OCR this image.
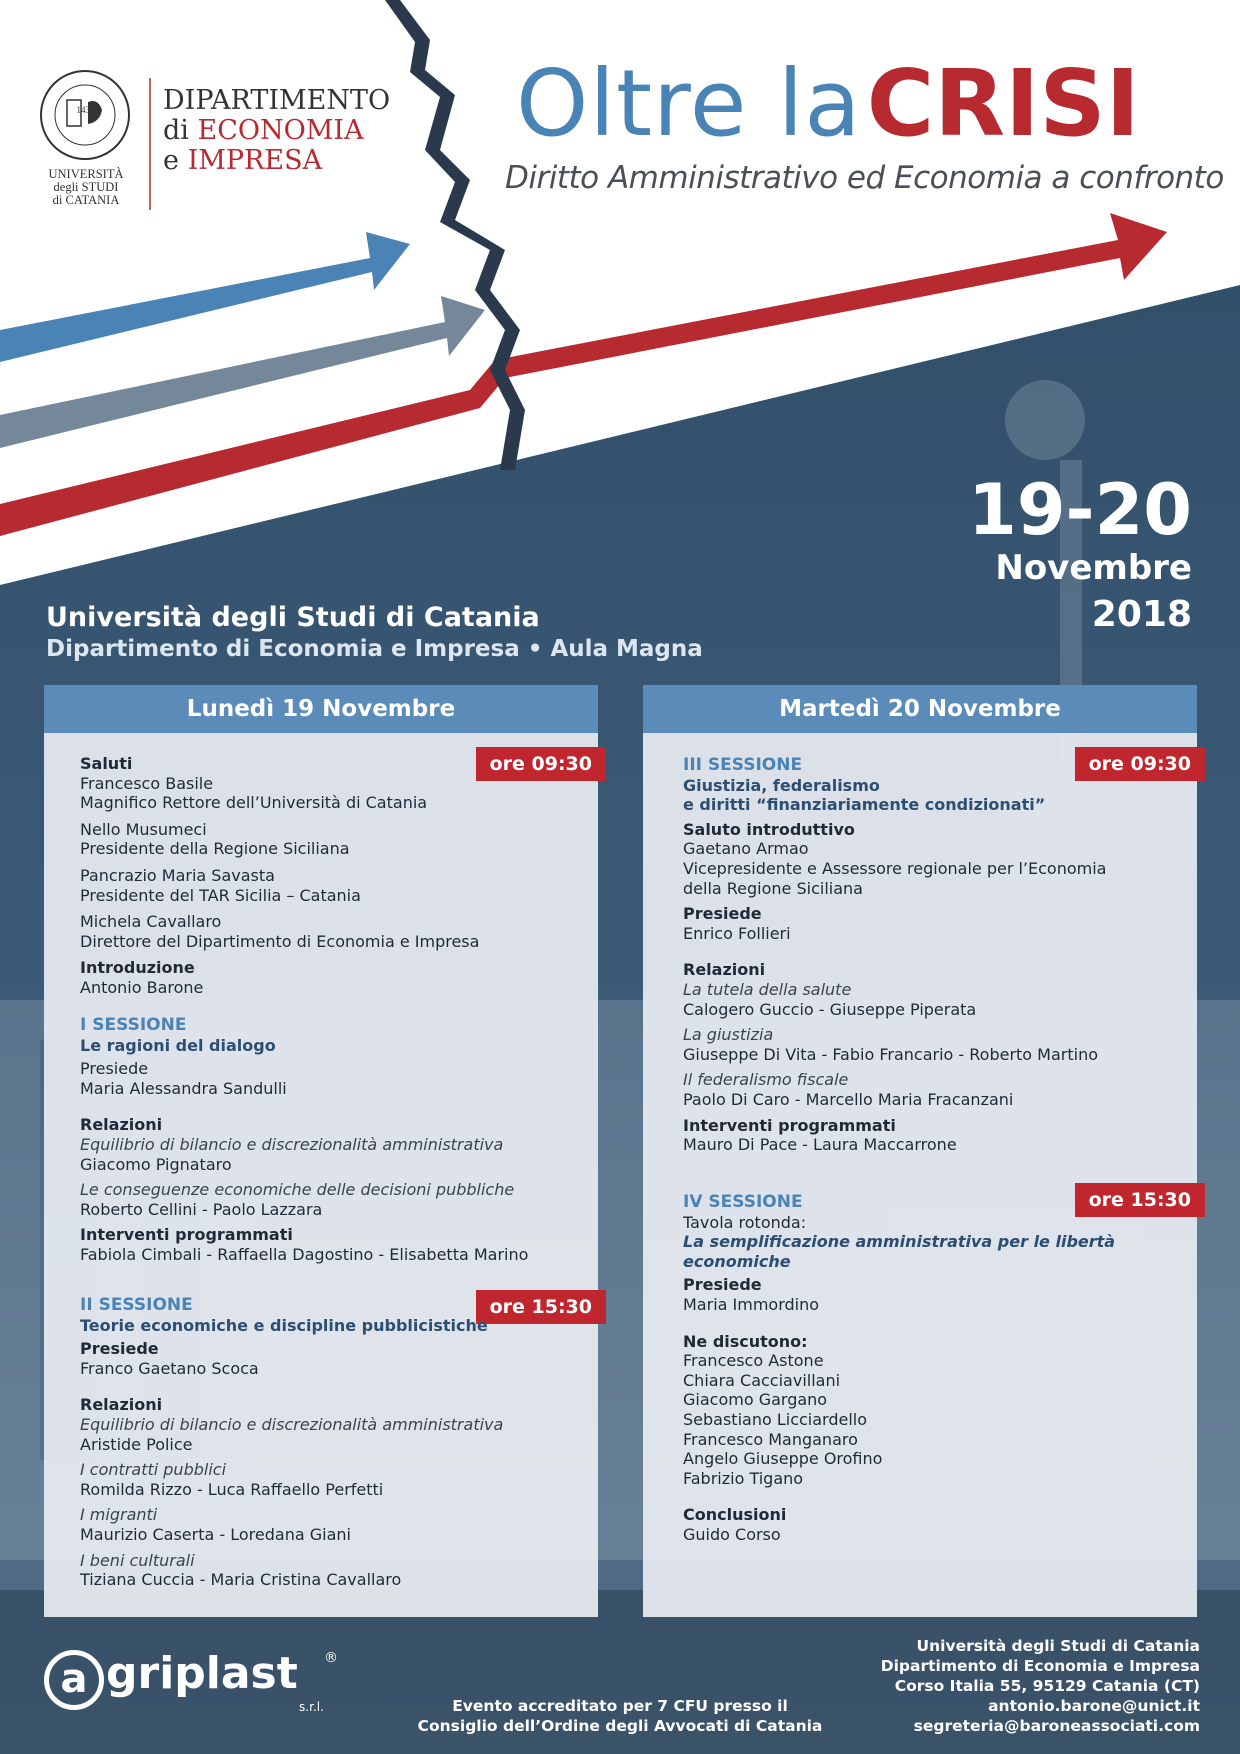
1434
UNIVERSITÀ
degli STUDI
di CATANIA
DIPARTIMENTO
di ECONOMIA
e IMPRESA
Oltre la CRISI
Diritto Amministrativo ed Economia a confronto
19-20
Novembre
2018
Università degli Studi di Catania
Dipartimento di Economia e Impresa • Aula Magna
Lunedì 19 Novembre
ore 09:30
ore 15:30
Saluti
Francesco Basile
Magnifico Rettore dell’Università di Catania
Nello Musumeci
Presidente della Regione Siciliana
Pancrazio Maria Savasta
Presidente del TAR Sicilia – Catania
Michela Cavallaro
Direttore del Dipartimento di Economia e Impresa
Introduzione
Antonio Barone
I SESSIONE
Le ragioni del dialogo
Presiede
Maria Alessandra Sandulli
Relazioni
Equilibrio di bilancio e discrezionalità amministrativa
Giacomo Pignataro
Le conseguenze economiche delle decisioni pubbliche
Roberto Cellini - Paolo Lazzara
Interventi programmati
Fabiola Cimbali - Raffaella Dagostino - Elisabetta Marino
II SESSIONE
Teorie economiche e discipline pubblicistiche
Presiede
Franco Gaetano Scoca
Relazioni
Equilibrio di bilancio e discrezionalità amministrativa
Aristide Police
I contratti pubblici
Romilda Rizzo - Luca Raffaello Perfetti
I migranti
Maurizio Caserta - Loredana Giani
I beni culturali
Tiziana Cuccia - Maria Cristina Cavallaro
Martedì 20 Novembre
ore 09:30
ore 15:30
III SESSIONE
Giustizia, federalismo
e diritti “finanziariamente condizionati”
Saluto introduttivo
Gaetano Armao
Vicepresidente e Assessore regionale per l’Economia
della Regione Siciliana
Presiede
Enrico Follieri
Relazioni
La tutela della salute
Calogero Guccio - Giuseppe Piperata
La giustizia
Giuseppe Di Vita - Fabio Francario - Roberto Martino
Il federalismo fiscale
Paolo Di Caro - Marcello Maria Fracanzani
Interventi programmati
Mauro Di Pace - Laura Maccarrone
IV SESSIONE
Tavola rotonda:
La semplificazione amministrativa per le libertà
economiche
Presiede
Maria Immordino
Ne discutono:
Francesco Astone
Chiara Cacciavillani
Giacomo Gargano
Sebastiano Licciardello
Francesco Manganaro
Angelo Giuseppe Orofino
Fabrizio Tigano
Conclusioni
Guido Corso
a griplast ®
s.r.l.	Evento accreditato per 7 CFU presso il
Consiglio dell’Ordine degli Avvocati di Catania
Università degli Studi di Catania
Dipartimento di Economia e Impresa
Corso Italia 55, 95129 Catania (CT)
antonio.barone@unict.it
segreteria@baroneassociati.com
